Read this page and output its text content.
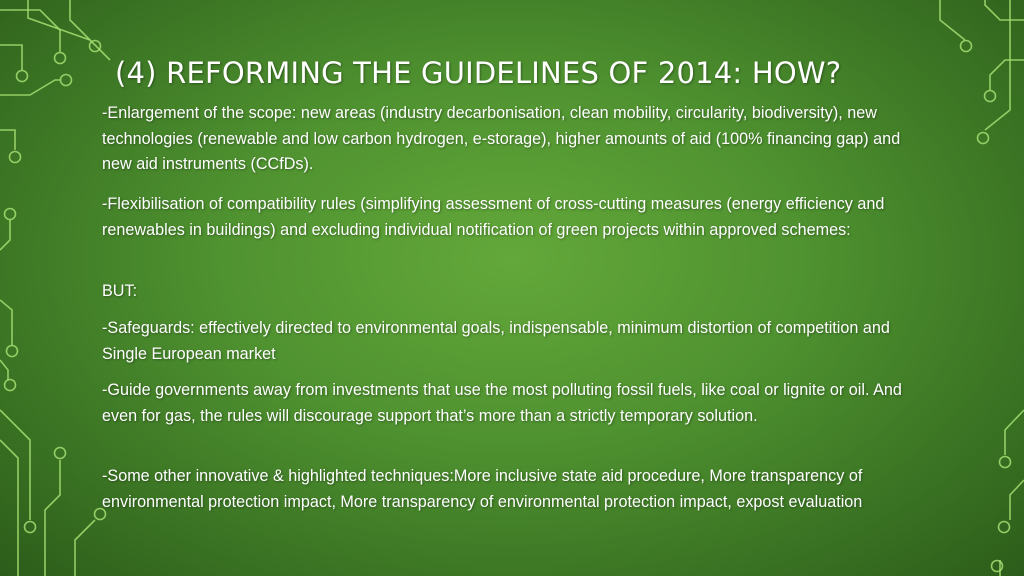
(4) REFORMING THE GUIDELINES OF 2014: HOW?

-Enlargement of the scope: new areas (industry decarbonisation, clean mobility, circularity, biodiversity), new technologies (renewable and low carbon hydrogen, e-storage), higher amounts of aid (100% financing gap) and new aid instruments (CCfDs).

-Flexibilisation of compatibility rules (simplifying assessment of cross-cutting measures (energy efficiency and renewables in buildings) and excluding individual notification of green projects within approved schemes:

BUT:

-Safeguards: effectively directed to environmental goals, indispensable, minimum distortion of competition and Single European market

-Guide governments away from investments that use the most polluting fossil fuels, like coal or lignite or oil. And even for gas, the rules will discourage support that’s more than a strictly temporary solution.

-Some other innovative & highlighted techniques:More inclusive state aid procedure, More transparency of environmental protection impact, More transparency of environmental protection impact, expost evaluation
